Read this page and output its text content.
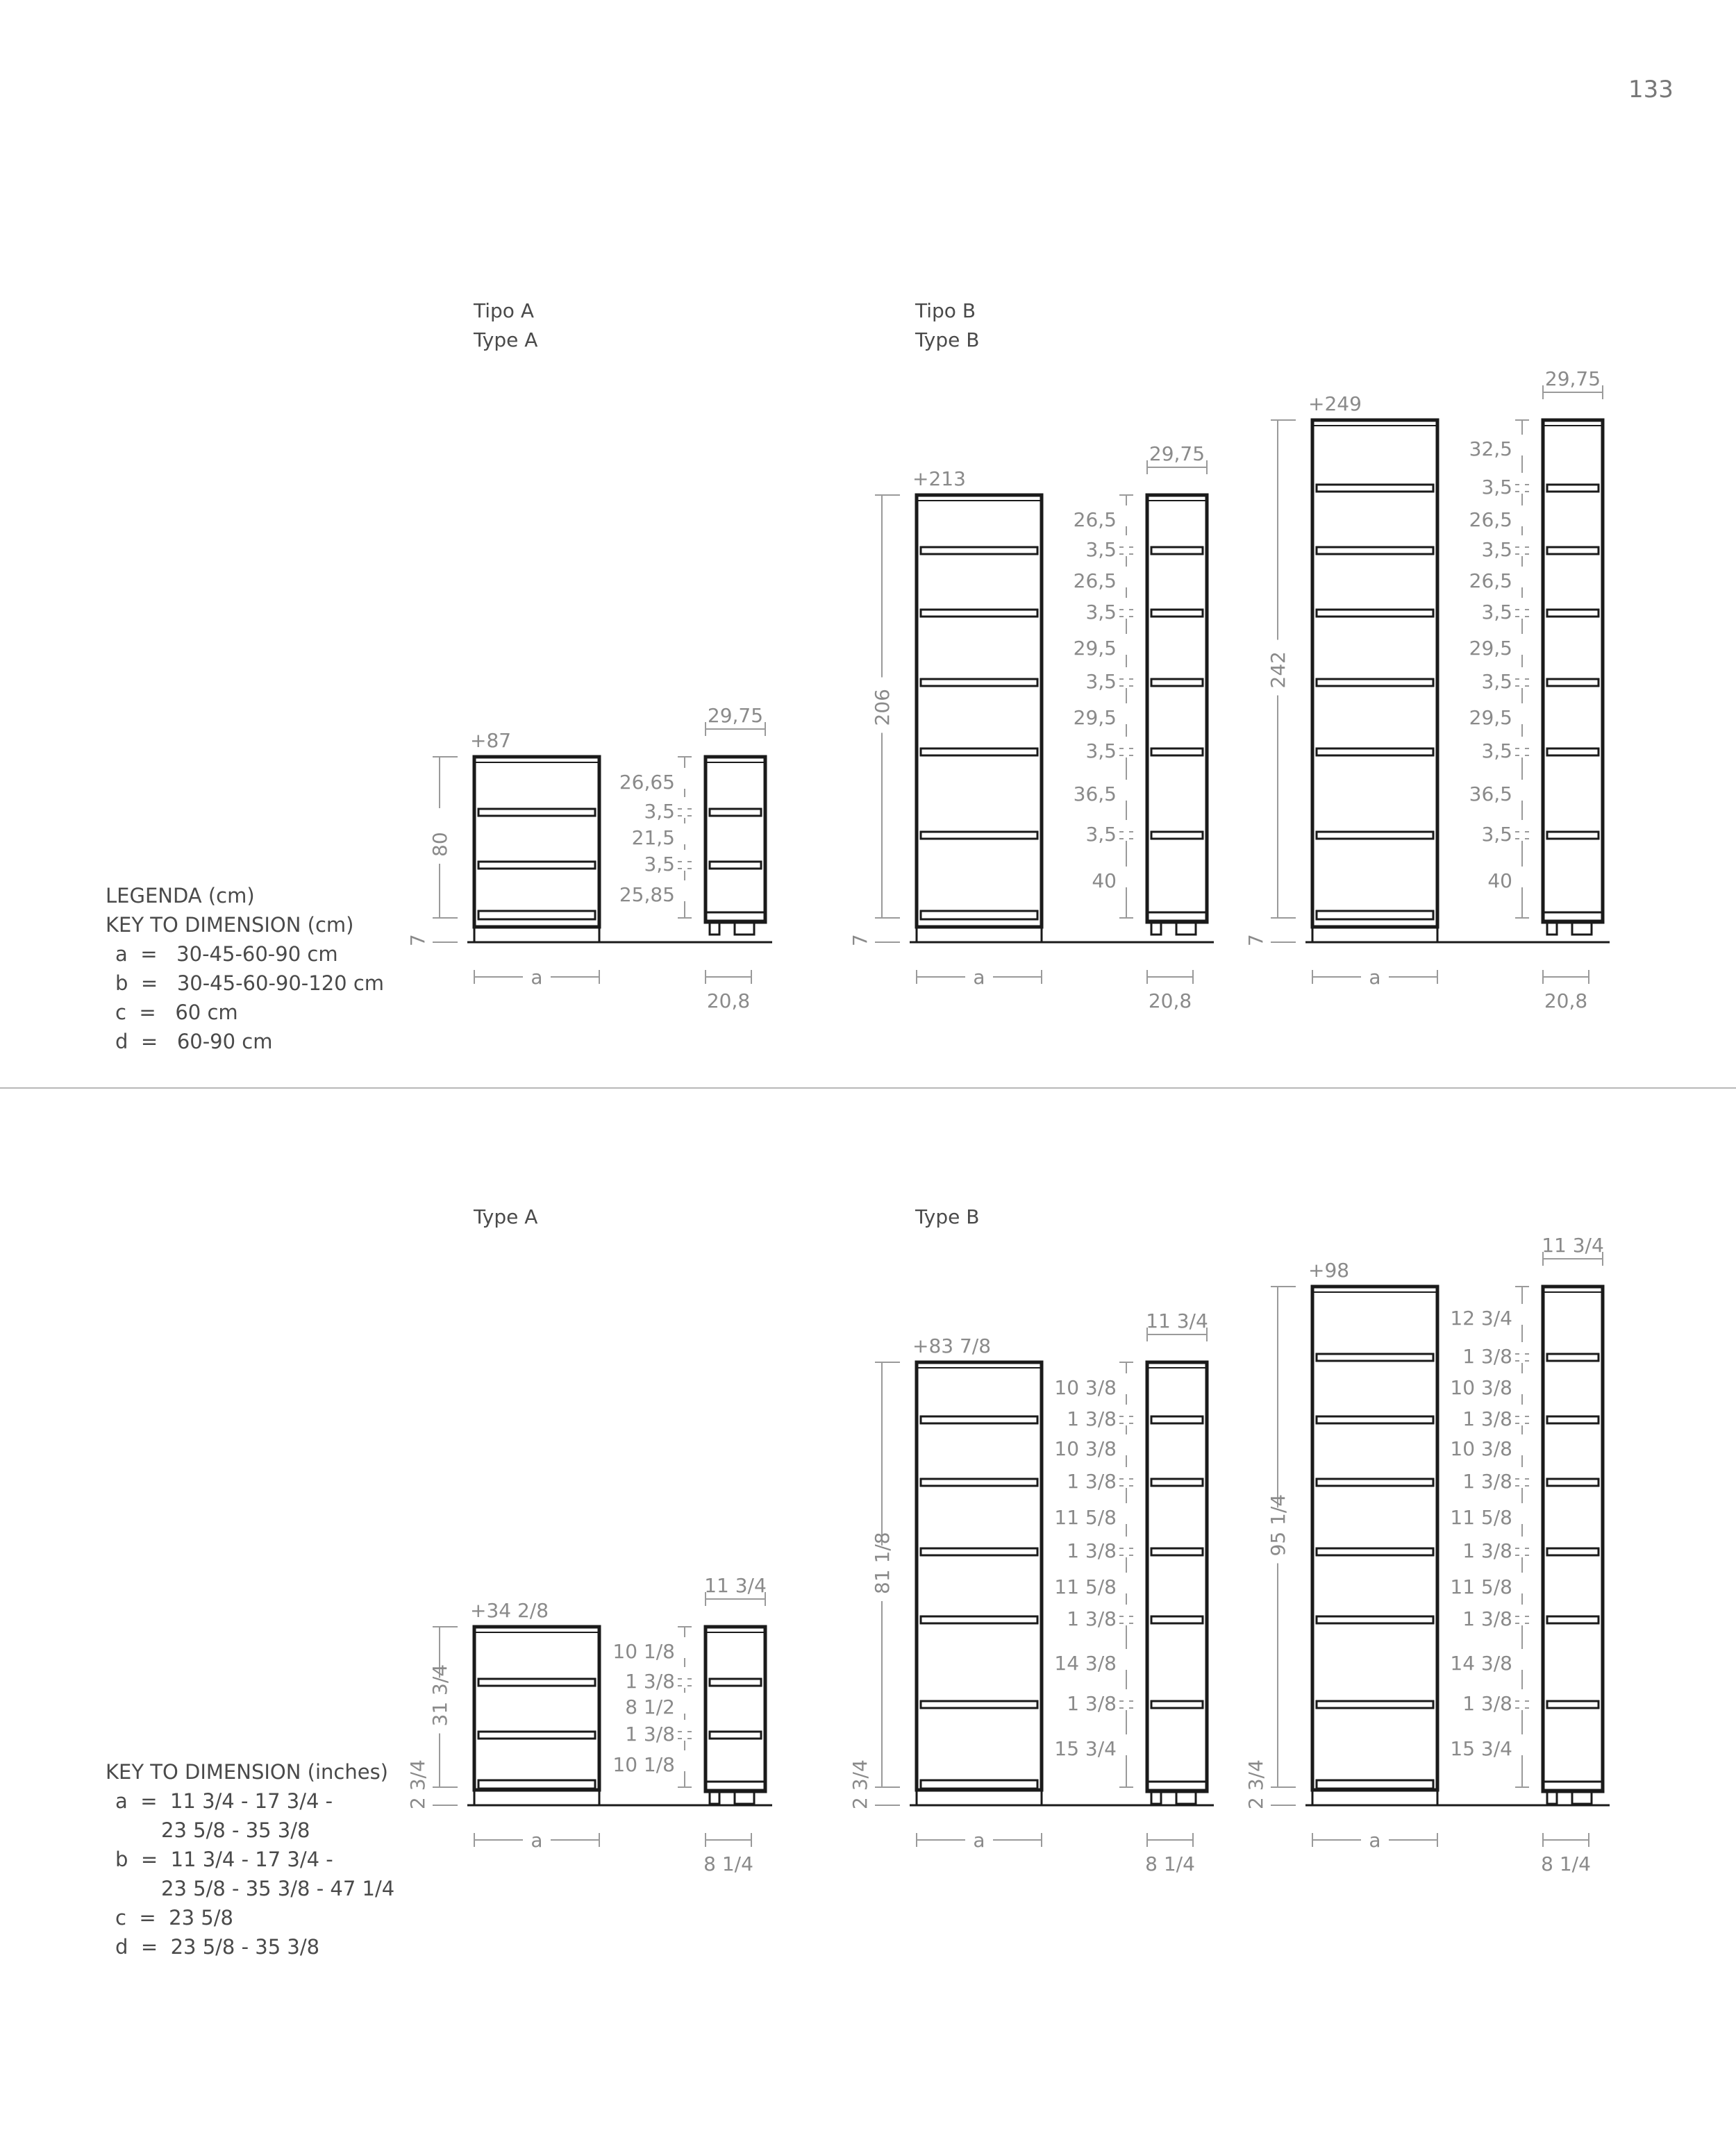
133
Tipo A
Type A
Tipo B
Type B
LEGENDA (cm)
KEY TO DIMENSION (cm)
a  =   30-45-60-90 cm
b  =   30-45-60-90-120 cm
c  =   60 cm
d  =   60-90 cm
Type A	Type B
KEY TO DIMENSION (inches)
a  =  11 3/4 - 17 3/4 -
23 5/8 - 35 3/8
b  =  11 3/4 - 17 3/4 -
23 5/8 - 35 3/8 - 47 1/4
c  =  23 5/8
d  =  23 5/8 - 35 3/8
80
7
+87
a
20,8
29,75
26,65
3,5
21,5
3,5
25,85
206
7
+213
a
20,8
29,75
26,5
3,5
26,5
3,5
29,5
3,5
29,5
3,5
36,5
3,5
40
242
7
+249
a
20,8
29,75
32,5
3,5
26,5
3,5
26,5
3,5
29,5
3,5
29,5
3,5
36,5
3,5
40
31 3/4
2 3/4
+34 2/8
a
8 1/4
11 3/4
10 1/8
1 3/8
8 1/2
1 3/8
10 1/8
81 1/8
2 3/4
+83 7/8
a
8 1/4
11 3/4
10 3/8
1 3/8
10 3/8
1 3/8
11 5/8
1 3/8
11 5/8
1 3/8
14 3/8
1 3/8
15 3/4
95 1/4
2 3/4
+98
a
8 1/4
11 3/4
12 3/4
1 3/8
10 3/8
1 3/8
10 3/8
1 3/8
11 5/8
1 3/8
11 5/8
1 3/8
14 3/8
1 3/8
15 3/4
